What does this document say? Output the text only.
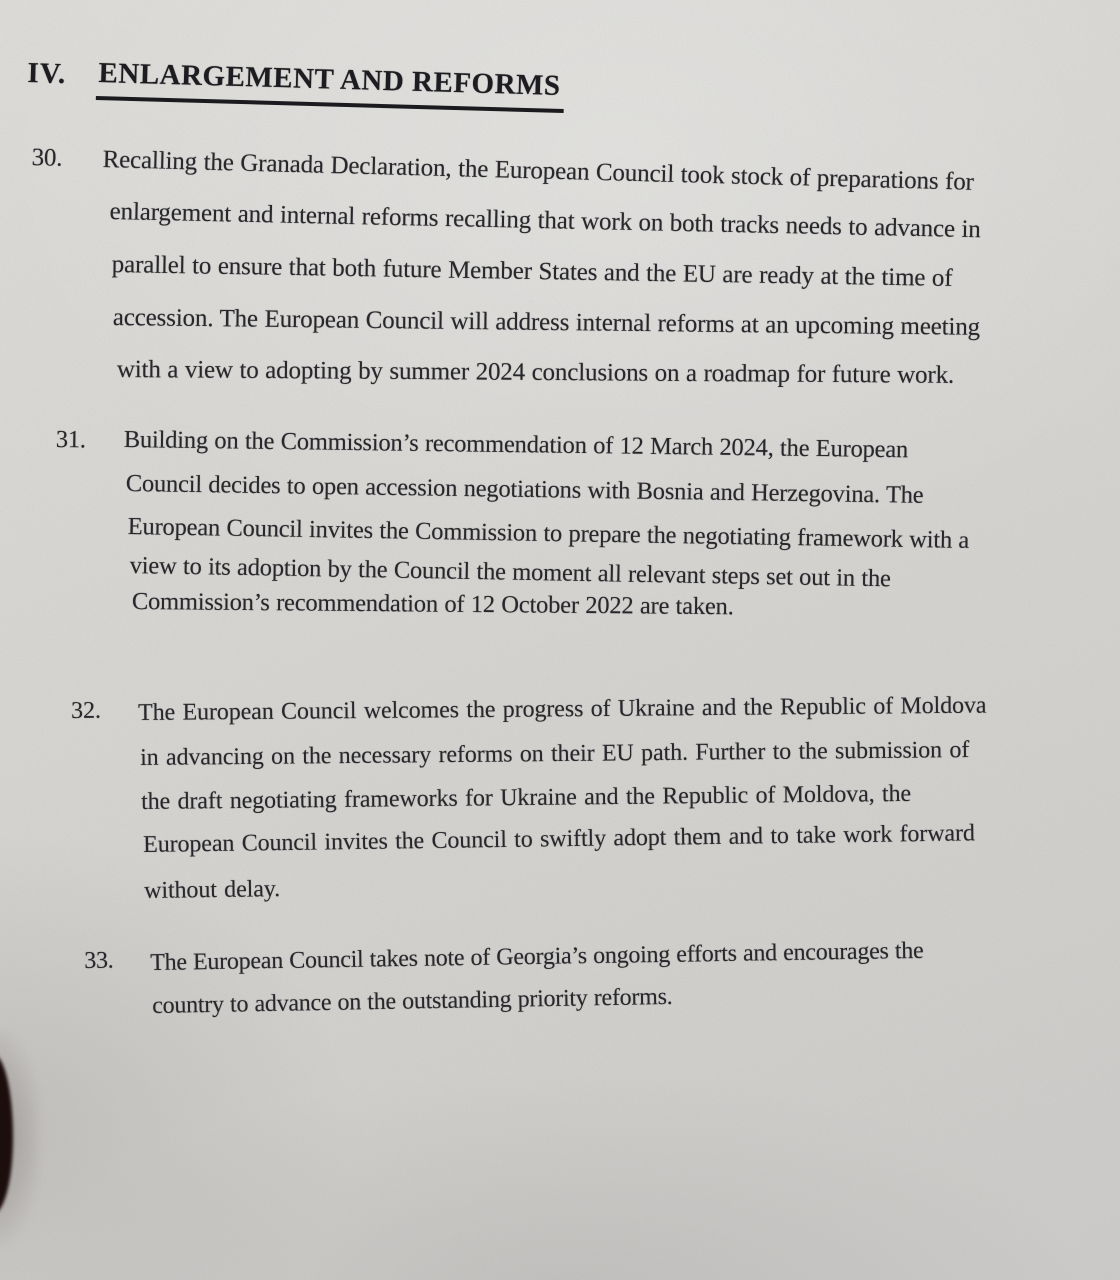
IV. ENLARGEMENT AND REFORMS
30. Recalling the Granada Declaration, the European Council took stock of preparations for
enlargement and internal reforms recalling that work on both tracks needs to advance in
parallel to ensure that both future Member States and the EU are ready at the time of
accession. The European Council will address internal reforms at an upcoming meeting
with a view to adopting by summer 2024 conclusions on a roadmap for future work.
31. Building on the Commission’s recommendation of 12 March 2024, the European
Council decides to open accession negotiations with Bosnia and Herzegovina. The
European Council invites the Commission to prepare the negotiating framework with a
view to its adoption by the Council the moment all relevant steps set out in the
Commission’s recommendation of 12 October 2022 are taken.
32. The European Council welcomes the progress of Ukraine and the Republic of Moldova
in advancing on the necessary reforms on their EU path. Further to the submission of
the draft negotiating frameworks for Ukraine and the Republic of Moldova, the
European Council invites the Council to swiftly adopt them and to take work forward
without delay.
33. The European Council takes note of Georgia’s ongoing efforts and encourages the
country to advance on the outstanding priority reforms.
